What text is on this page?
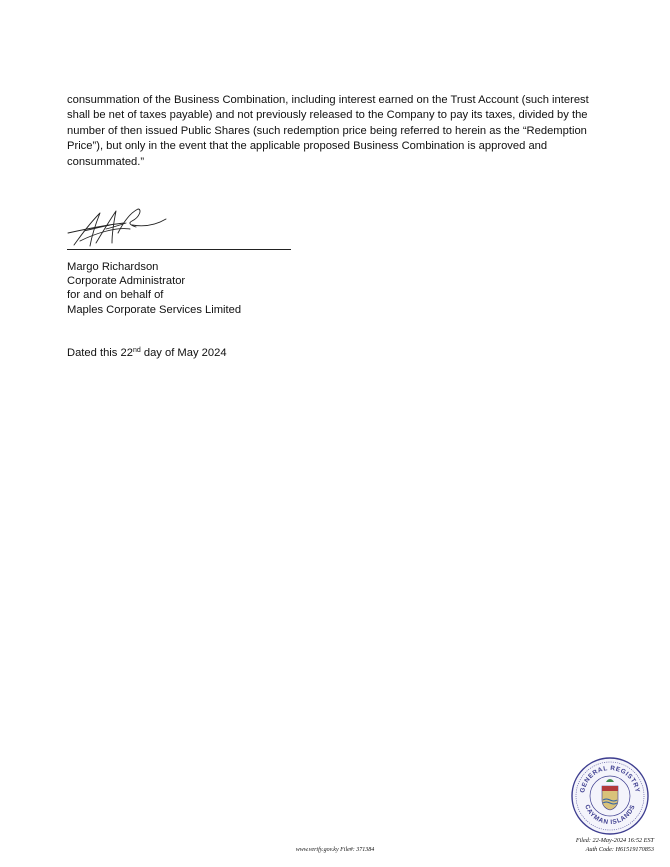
consummation of the Business Combination, including interest earned on the Trust Account (such interest
shall be net of taxes payable) and not previously released to the Company to pay its taxes, divided by the
number of then issued Public Shares (such redemption price being referred to herein as the “Redemption
Price”), but only in the event that the applicable proposed Business Combination is approved and
consummated.”
Margo Richardson
Corporate Administrator
for and on behalf of
Maples Corporate Services Limited
Dated this 22nd day of May 2024
GENERAL REGISTRY
CAYMAN ISLANDS
Filed: 22-May-2024 16:52 EST
Auth Code: H61519170853
www.verify.gov.ky File#: 371384
